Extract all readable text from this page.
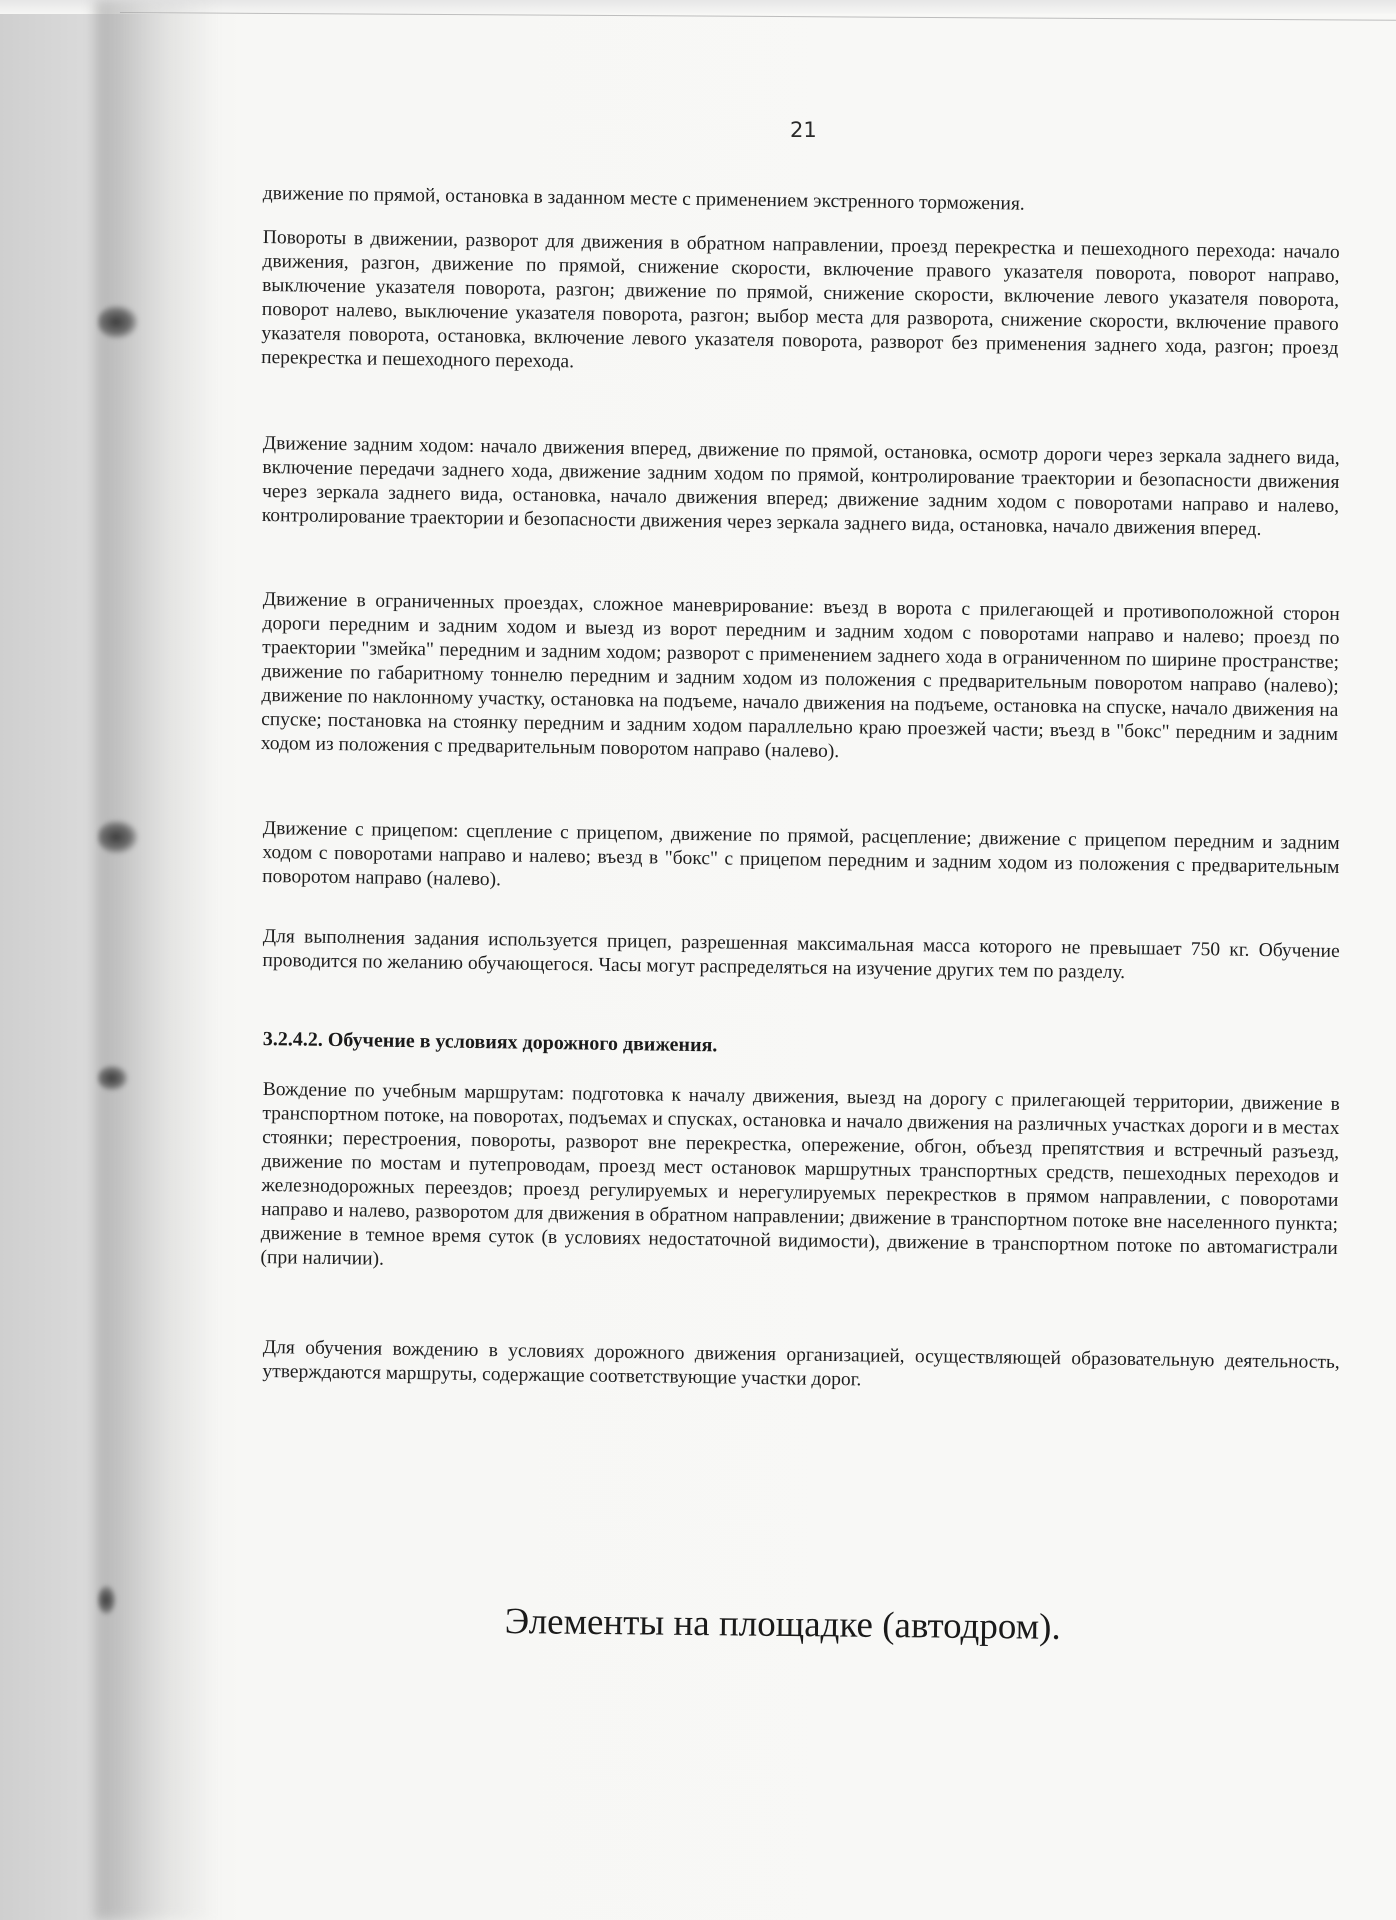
21

движение по прямой, остановка в заданном месте с применением экстренного торможения.

Повороты в движении, разворот для движения в обратном направлении, проезд перекрестка и пешеходного перехода: начало движения, разгон, движение по прямой, снижение скорости, включение правого указателя поворота, поворот направо, выключение указателя поворота, разгон; движение по прямой, снижение скорости, включение левого указателя поворота, поворот налево, выключение указателя поворота, разгон; выбор места для разворота, снижение скорости, включение правого указателя поворота, остановка, включение левого указателя поворота, разворот без применения заднего хода, разгон; проезд перекрестка и пешеходного перехода.

Движение задним ходом: начало движения вперед, движение по прямой, остановка, осмотр дороги через зеркала заднего вида, включение передачи заднего хода, движение задним ходом по прямой, контролирование траектории и безопасности движения через зеркала заднего вида, остановка, начало движения вперед; движение задним ходом с поворотами направо и налево, контролирование траектории и безопасности движения через зеркала заднего вида, остановка, начало движения вперед.

Движение в ограниченных проездах, сложное маневрирование: въезд в ворота с прилегающей и противоположной сторон дороги передним и задним ходом и выезд из ворот передним и задним ходом с поворотами направо и налево; проезд по траектории "змейка" передним и задним ходом; разворот с применением заднего хода в ограниченном по ширине пространстве; движение по габаритному тоннелю передним и задним ходом из положения с предварительным поворотом направо (налево); движение по наклонному участку, остановка на подъеме, начало движения на подъеме, остановка на спуске, начало движения на спуске; постановка на стоянку передним и задним ходом параллельно краю проезжей части; въезд в "бокс" передним и задним ходом из положения с предварительным поворотом направо (налево).

Движение с прицепом: сцепление с прицепом, движение по прямой, расцепление; движение с прицепом передним и задним ходом с поворотами направо и налево; въезд в "бокс" с прицепом передним и задним ходом из положения с предварительным поворотом направо (налево).

Для выполнения задания используется прицеп, разрешенная максимальная масса которого не превышает 750 кг. Обучение проводится по желанию обучающегося. Часы могут распределяться на изучение других тем по разделу.

3.2.4.2. Обучение в условиях дорожного движения.

Вождение по учебным маршрутам: подготовка к началу движения, выезд на дорогу с прилегающей территории, движение в транспортном потоке, на поворотах, подъемах и спусках, остановка и начало движения на различных участках дороги и в местах стоянки; перестроения, повороты, разворот вне перекрестка, опережение, обгон, объезд препятствия и встречный разъезд, движение по мостам и путепроводам, проезд мест остановок маршрутных транспортных средств, пешеходных переходов и железнодорожных переездов; проезд регулируемых и нерегулируемых перекрестков в прямом направлении, с поворотами направо и налево, разворотом для движения в обратном направлении; движение в транспортном потоке вне населенного пункта; движение в темное время суток (в условиях недостаточной видимости), движение в транспортном потоке по автомагистрали (при наличии).

Для обучения вождению в условиях дорожного движения организацией, осуществляющей образовательную деятельность, утверждаются маршруты, содержащие соответствующие участки дорог.

Элементы на площадке (автодром).
